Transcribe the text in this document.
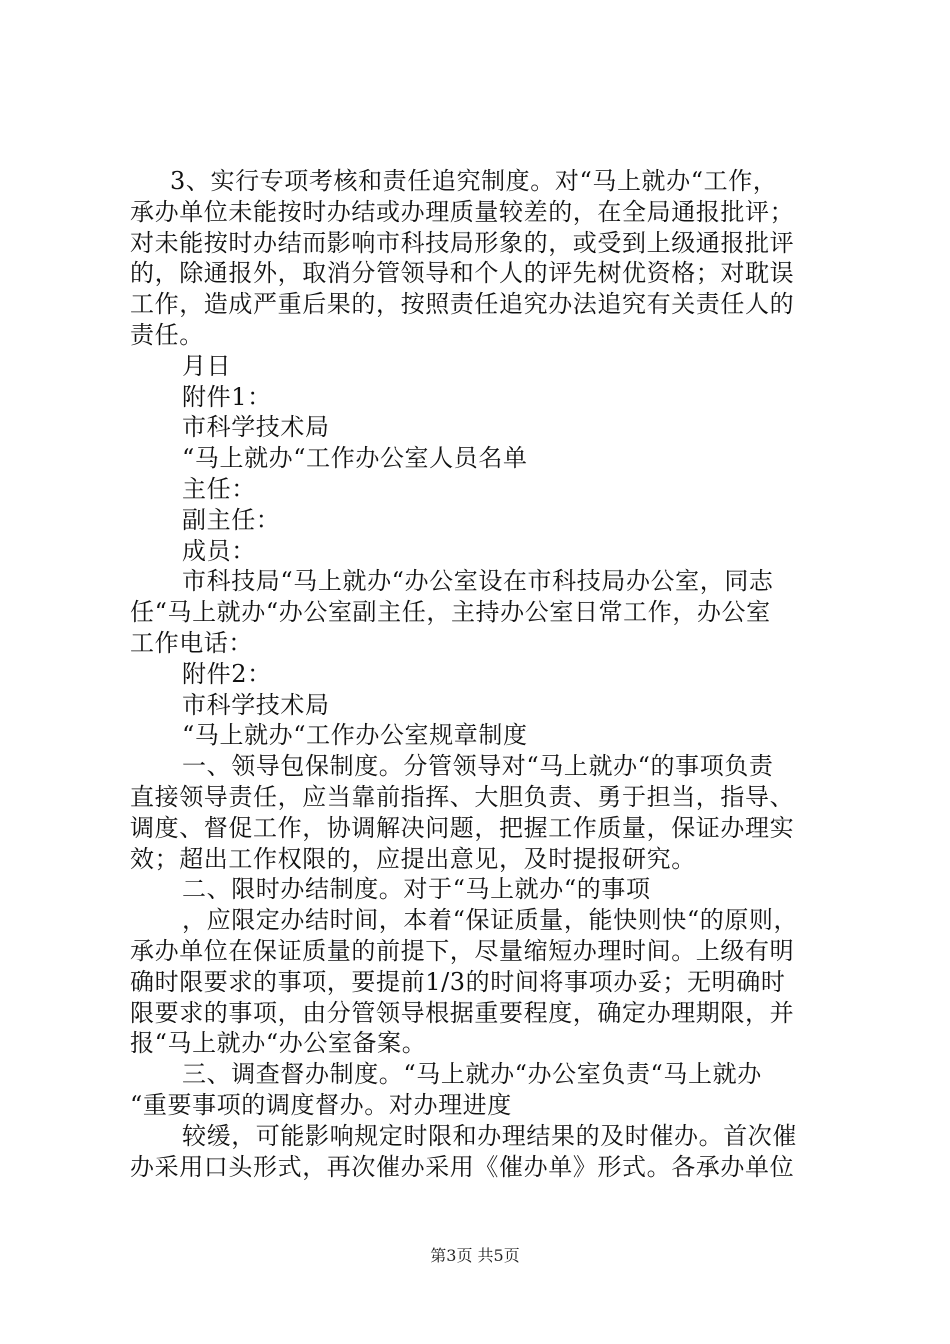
3、实行专项考核和责任追究制度。对“马上就办“工作，
承办单位未能按时办结或办理质量较差的，在全局通报批评；
对未能按时办结而影响市科技局形象的，或受到上级通报批评
的，除通报外，取消分管领导和个人的评先树优资格；对耽误
工作，造成严重后果的，按照责任追究办法追究有关责任人的
责任。
月日
附件1：
市科学技术局
“马上就办“工作办公室人员名单
主任：
副主任：
成员：
市科技局“马上就办“办公室设在市科技局办公室，同志
任“马上就办“办公室副主任，主持办公室日常工作，办公室
工作电话：
附件2：
市科学技术局
“马上就办“工作办公室规章制度
一、领导包保制度。分管领导对“马上就办“的事项负责
直接领导责任，应当靠前指挥、大胆负责、勇于担当，指导、
调度、督促工作，协调解决问题，把握工作质量，保证办理实
效；超出工作权限的，应提出意见，及时提报研究。
二、限时办结制度。对于“马上就办“的事项
，应限定办结时间，本着“保证质量，能快则快“的原则，
承办单位在保证质量的前提下，尽量缩短办理时间。上级有明
确时限要求的事项，要提前1/3的时间将事项办妥；无明确时
限要求的事项，由分管领导根据重要程度，确定办理期限，并
报“马上就办“办公室备案。
三、调查督办制度。“马上就办“办公室负责“马上就办
“重要事项的调度督办。对办理进度
较缓，可能影响规定时限和办理结果的及时催办。首次催
办采用口头形式，再次催办采用《催办单》形式。各承办单位
第3页 共5页
